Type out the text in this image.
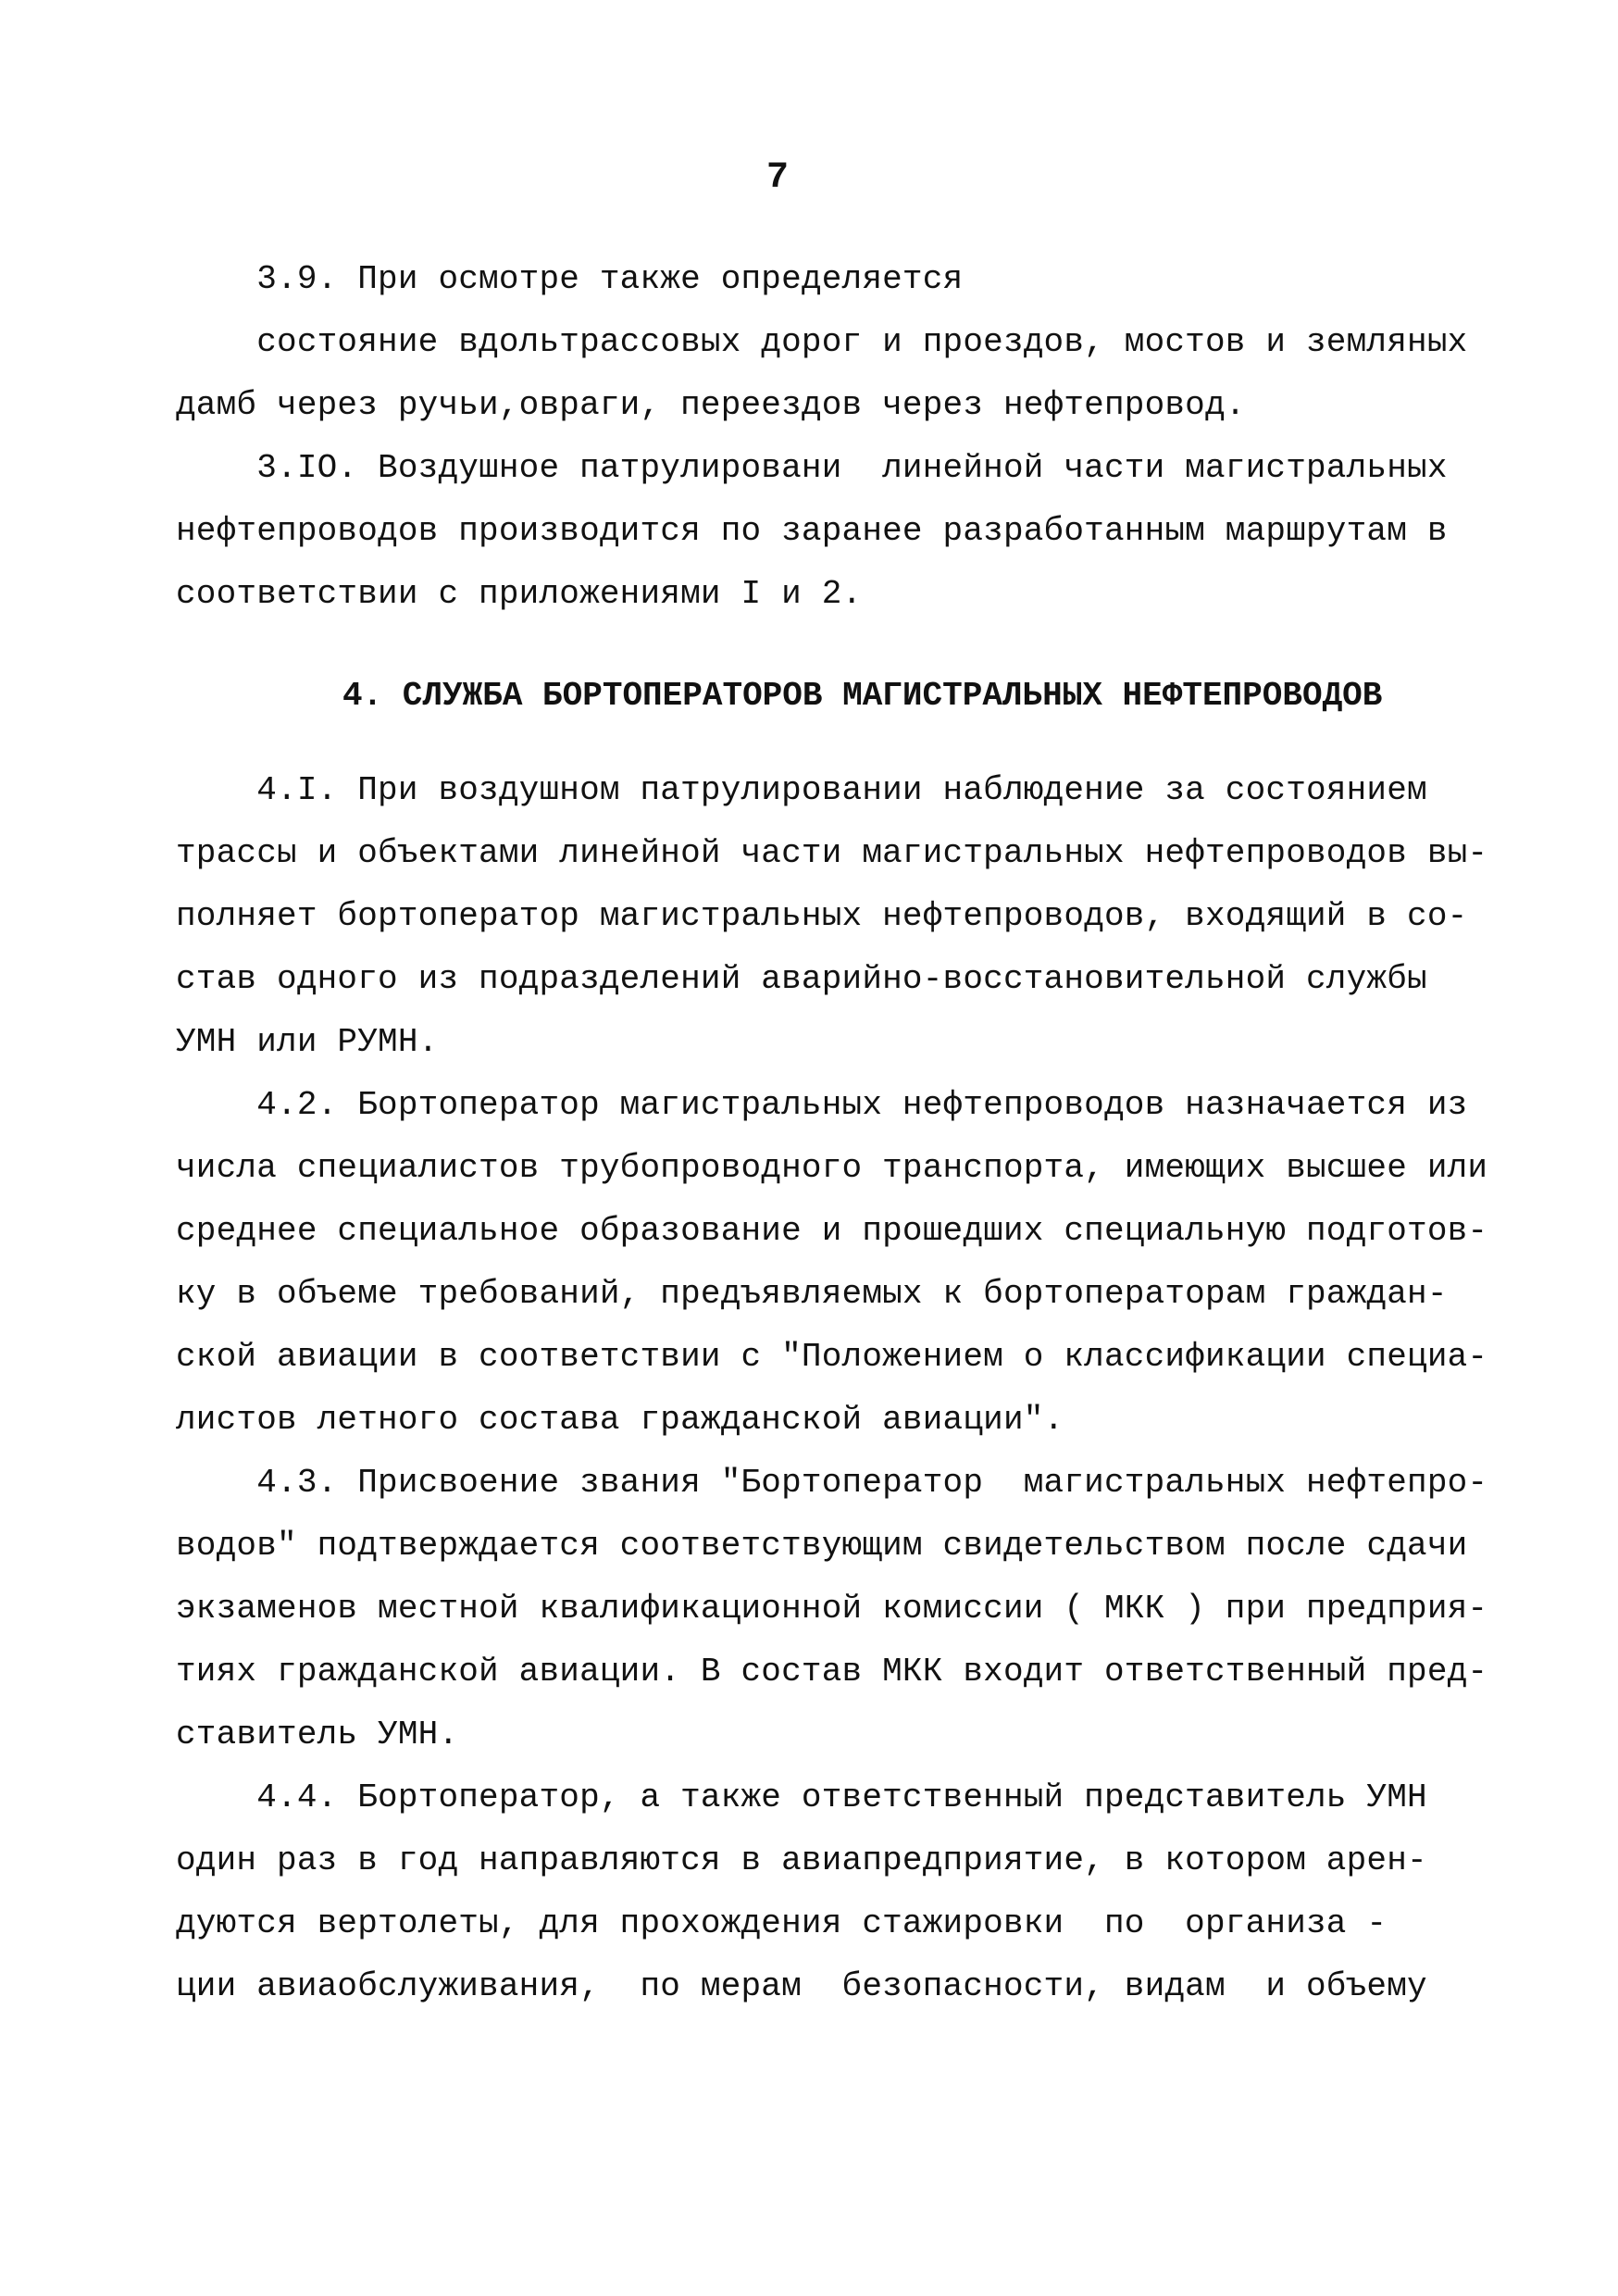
7
3.9. При осмотре также определяется
состояние вдольтрассовых дорог и проездов, мостов и земляных
дамб через ручьи,овраги, переездов через нефтепровод.
3.IO. Воздушное патрулировани  линейной части магистральных
нефтепроводов производится по заранее разработанным маршрутам в
соответствии с приложениями I и 2.
4. СЛУЖБА БОРТОПЕРАТОРОВ МАГИСТРАЛЬНЫХ НЕФТЕПРОВОДОВ
4.I. При воздушном патрулировании наблюдение за состоянием
трассы и объектами линейной части магистральных нефтепроводов вы-
полняет бортоператор магистральных нефтепроводов, входящий в со-
став одного из подразделений аварийно-восстановительной службы
УМН или РУМН.
4.2. Бортоператор магистральных нефтепроводов назначается из
числа специалистов трубопроводного транспорта, имеющих высшее или
среднее специальное образование и прошедших специальную подготов-
ку в объеме требований, предъявляемых к бортоператорам граждан-
ской авиации в соответствии с "Положением о классификации специа-
листов летного состава гражданской авиации".
4.3. Присвоение звания "Бортоператор  магистральных нефтепро-
водов" подтверждается соответствующим свидетельством после сдачи
экзаменов местной квалификационной комиссии ( МКК ) при предприя-
тиях гражданской авиации. В состав МКК входит ответственный пред-
ставитель УМН.
4.4. Бортоператор, а также ответственный представитель УМН
один раз в год направляются в авиапредприятие, в котором арен-
дуются вертолеты, для прохождения стажировки  по  организа -
ции авиаобслуживания,  по мерам  безопасности, видам  и объему
